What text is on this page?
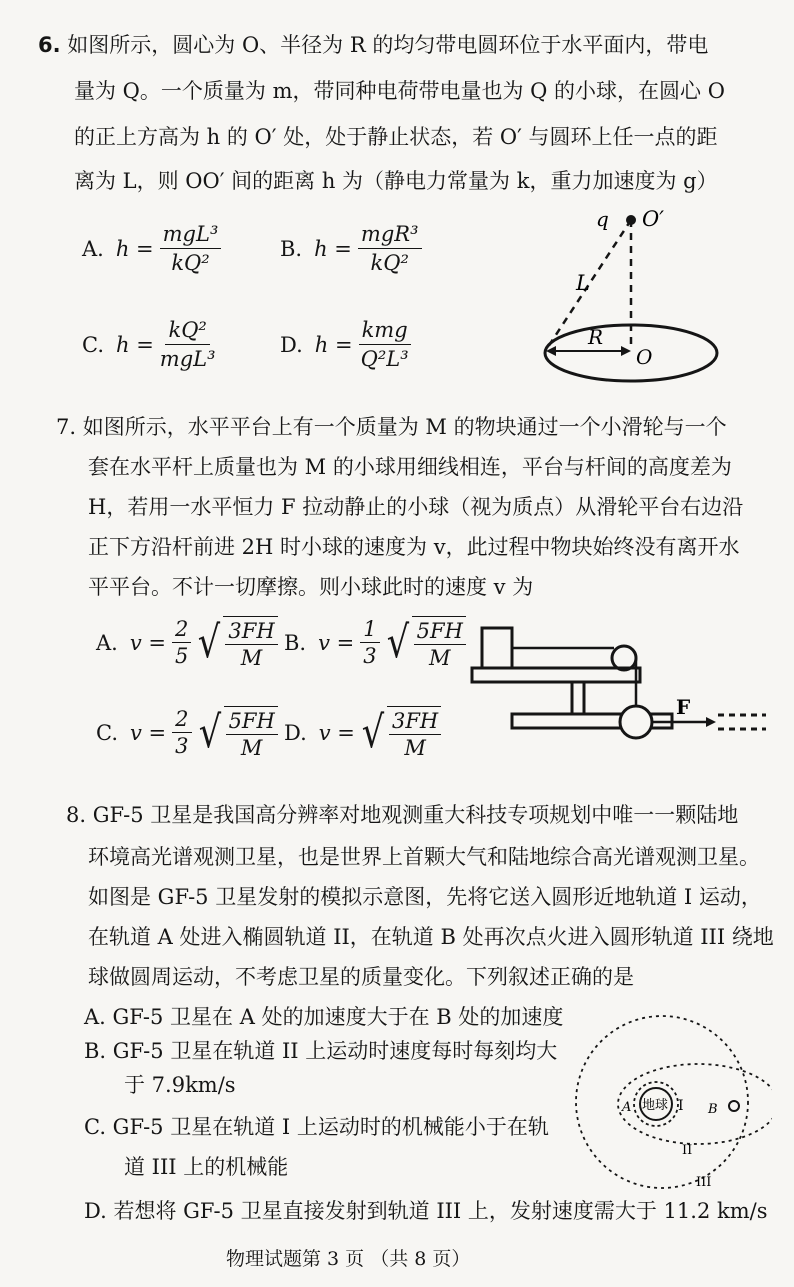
6. 如图所示，圆心为 O、半径为 R 的均匀带电圆环位于水平面内，带电
量为 Q。一个质量为 m，带同种电荷带电量也为 Q 的小球，在圆心 O
的正上方高为 h 的 O′ 处，处于静止状态，若 O′ 与圆环上任一点的距
离为 L，则 OO′ 间的距离 h 为（静电力常量为 k，重力加速度为 g）
A. $h = \frac{\text{mgL³}}{\text{kQ²}}$	B. $h = \frac{\text{mgR³}}{\text{kQ²}}$
C. $h = \frac{\text{kQ²}}{\text{mgL³}}$	D. $h = \frac{\text{kmg}}{\text{Q²L³}}$
q O′
L
R
O
7. 如图所示，水平平台上有一个质量为 M 的物块通过一个小滑轮与一个
套在水平杆上质量也为 M 的小球用细线相连，平台与杆间的高度差为
H，若用一水平恒力 F 拉动静止的小球（视为质点）从滑轮平台右边沿
正下方沿杆前进 2H 时小球的速度为 v，此过程中物块始终没有离开水
平平台。不计一切摩擦。则小球此时的速度 v 为
A. $v = \frac{2}{5}$ √ $\frac{3FH}{M} B$. $v = \frac{1}{3}$ √ $\frac{5FH}{M}$
C. $v = \frac{2}{3}$ √ $\frac{5FH}{M} D$. v = √ $\frac{3FH}{M}$
F
8. GF-5 卫星是我国高分辨率对地观测重大科技专项规划中唯一一颗陆地
环境高光谱观测卫星，也是世界上首颗大气和陆地综合高光谱观测卫星。
如图是 GF-5 卫星发射的模拟示意图，先将它送入圆形近地轨道 I 运动，
在轨道 A 处进入椭圆轨道 II，在轨道 B 处再次点火进入圆形轨道 III 绕地
球做圆周运动，不考虑卫星的质量变化。下列叙述正确的是
A. GF-5 卫星在 A 处的加速度大于在 B 处的加速度
B. GF-5 卫星在轨道 II 上运动时速度每时每刻均大
于 7.9km/s
C. GF-5 卫星在轨道 I 上运动时的机械能小于在轨
道 III 上的机械能
D. 若想将 GF-5 卫星直接发射到轨道 III 上，发射速度需大于 11.2 km/s
地球
A	I B
II
III
物理试题第 3 页 （共 8 页）
